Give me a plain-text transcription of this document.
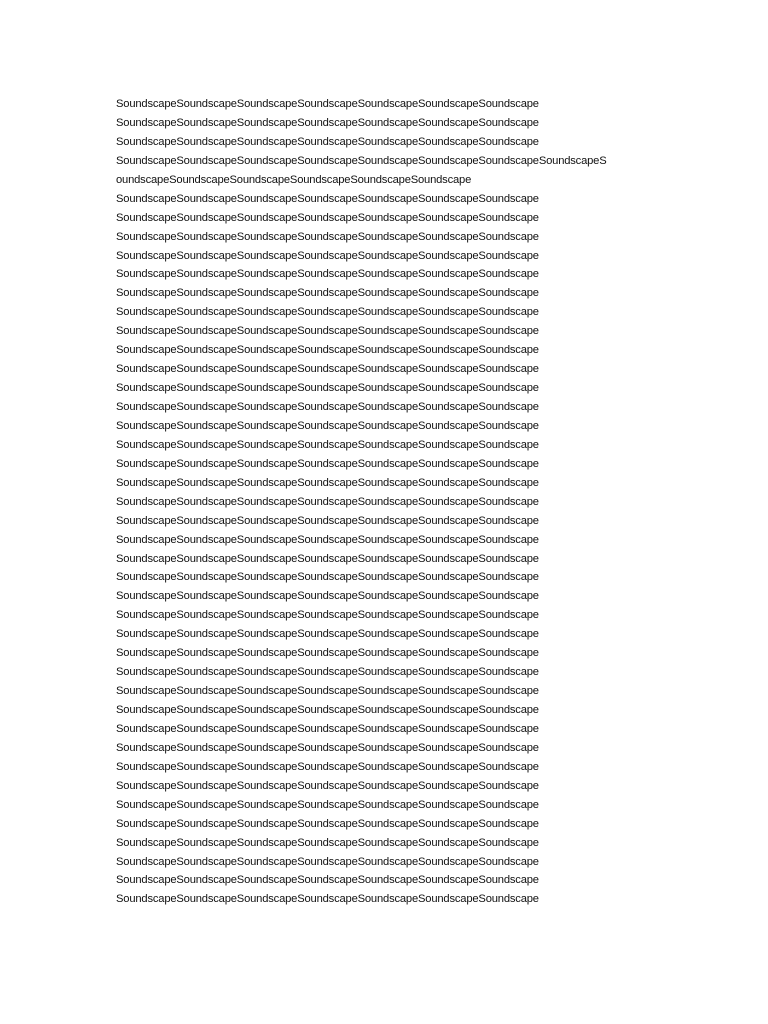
SoundscapeSoundscapeSoundscapeSoundscapeSoundscapeSoundscapeSoundscape
SoundscapeSoundscapeSoundscapeSoundscapeSoundscapeSoundscapeSoundscape
SoundscapeSoundscapeSoundscapeSoundscapeSoundscapeSoundscapeSoundscape
SoundscapeSoundscapeSoundscapeSoundscapeSoundscapeSoundscapeSoundscapeSoundscapeS
oundscapeSoundscapeSoundscapeSoundscapeSoundscapeSoundscape
SoundscapeSoundscapeSoundscapeSoundscapeSoundscapeSoundscapeSoundscape
SoundscapeSoundscapeSoundscapeSoundscapeSoundscapeSoundscapeSoundscape
SoundscapeSoundscapeSoundscapeSoundscapeSoundscapeSoundscapeSoundscape
SoundscapeSoundscapeSoundscapeSoundscapeSoundscapeSoundscapeSoundscape
SoundscapeSoundscapeSoundscapeSoundscapeSoundscapeSoundscapeSoundscape
SoundscapeSoundscapeSoundscapeSoundscapeSoundscapeSoundscapeSoundscape
SoundscapeSoundscapeSoundscapeSoundscapeSoundscapeSoundscapeSoundscape
SoundscapeSoundscapeSoundscapeSoundscapeSoundscapeSoundscapeSoundscape
SoundscapeSoundscapeSoundscapeSoundscapeSoundscapeSoundscapeSoundscape
SoundscapeSoundscapeSoundscapeSoundscapeSoundscapeSoundscapeSoundscape
SoundscapeSoundscapeSoundscapeSoundscapeSoundscapeSoundscapeSoundscape
SoundscapeSoundscapeSoundscapeSoundscapeSoundscapeSoundscapeSoundscape
SoundscapeSoundscapeSoundscapeSoundscapeSoundscapeSoundscapeSoundscape
SoundscapeSoundscapeSoundscapeSoundscapeSoundscapeSoundscapeSoundscape
SoundscapeSoundscapeSoundscapeSoundscapeSoundscapeSoundscapeSoundscape
SoundscapeSoundscapeSoundscapeSoundscapeSoundscapeSoundscapeSoundscape
SoundscapeSoundscapeSoundscapeSoundscapeSoundscapeSoundscapeSoundscape
SoundscapeSoundscapeSoundscapeSoundscapeSoundscapeSoundscapeSoundscape
SoundscapeSoundscapeSoundscapeSoundscapeSoundscapeSoundscapeSoundscape
SoundscapeSoundscapeSoundscapeSoundscapeSoundscapeSoundscapeSoundscape
SoundscapeSoundscapeSoundscapeSoundscapeSoundscapeSoundscapeSoundscape
SoundscapeSoundscapeSoundscapeSoundscapeSoundscapeSoundscapeSoundscape
SoundscapeSoundscapeSoundscapeSoundscapeSoundscapeSoundscapeSoundscape
SoundscapeSoundscapeSoundscapeSoundscapeSoundscapeSoundscapeSoundscape
SoundscapeSoundscapeSoundscapeSoundscapeSoundscapeSoundscapeSoundscape
SoundscapeSoundscapeSoundscapeSoundscapeSoundscapeSoundscapeSoundscape
SoundscapeSoundscapeSoundscapeSoundscapeSoundscapeSoundscapeSoundscape
SoundscapeSoundscapeSoundscapeSoundscapeSoundscapeSoundscapeSoundscape
SoundscapeSoundscapeSoundscapeSoundscapeSoundscapeSoundscapeSoundscape
SoundscapeSoundscapeSoundscapeSoundscapeSoundscapeSoundscapeSoundscape
SoundscapeSoundscapeSoundscapeSoundscapeSoundscapeSoundscapeSoundscape
SoundscapeSoundscapeSoundscapeSoundscapeSoundscapeSoundscapeSoundscape
SoundscapeSoundscapeSoundscapeSoundscapeSoundscapeSoundscapeSoundscape
SoundscapeSoundscapeSoundscapeSoundscapeSoundscapeSoundscapeSoundscape
SoundscapeSoundscapeSoundscapeSoundscapeSoundscapeSoundscapeSoundscape
SoundscapeSoundscapeSoundscapeSoundscapeSoundscapeSoundscapeSoundscape
SoundscapeSoundscapeSoundscapeSoundscapeSoundscapeSoundscapeSoundscape
SoundscapeSoundscapeSoundscapeSoundscapeSoundscapeSoundscapeSoundscape
